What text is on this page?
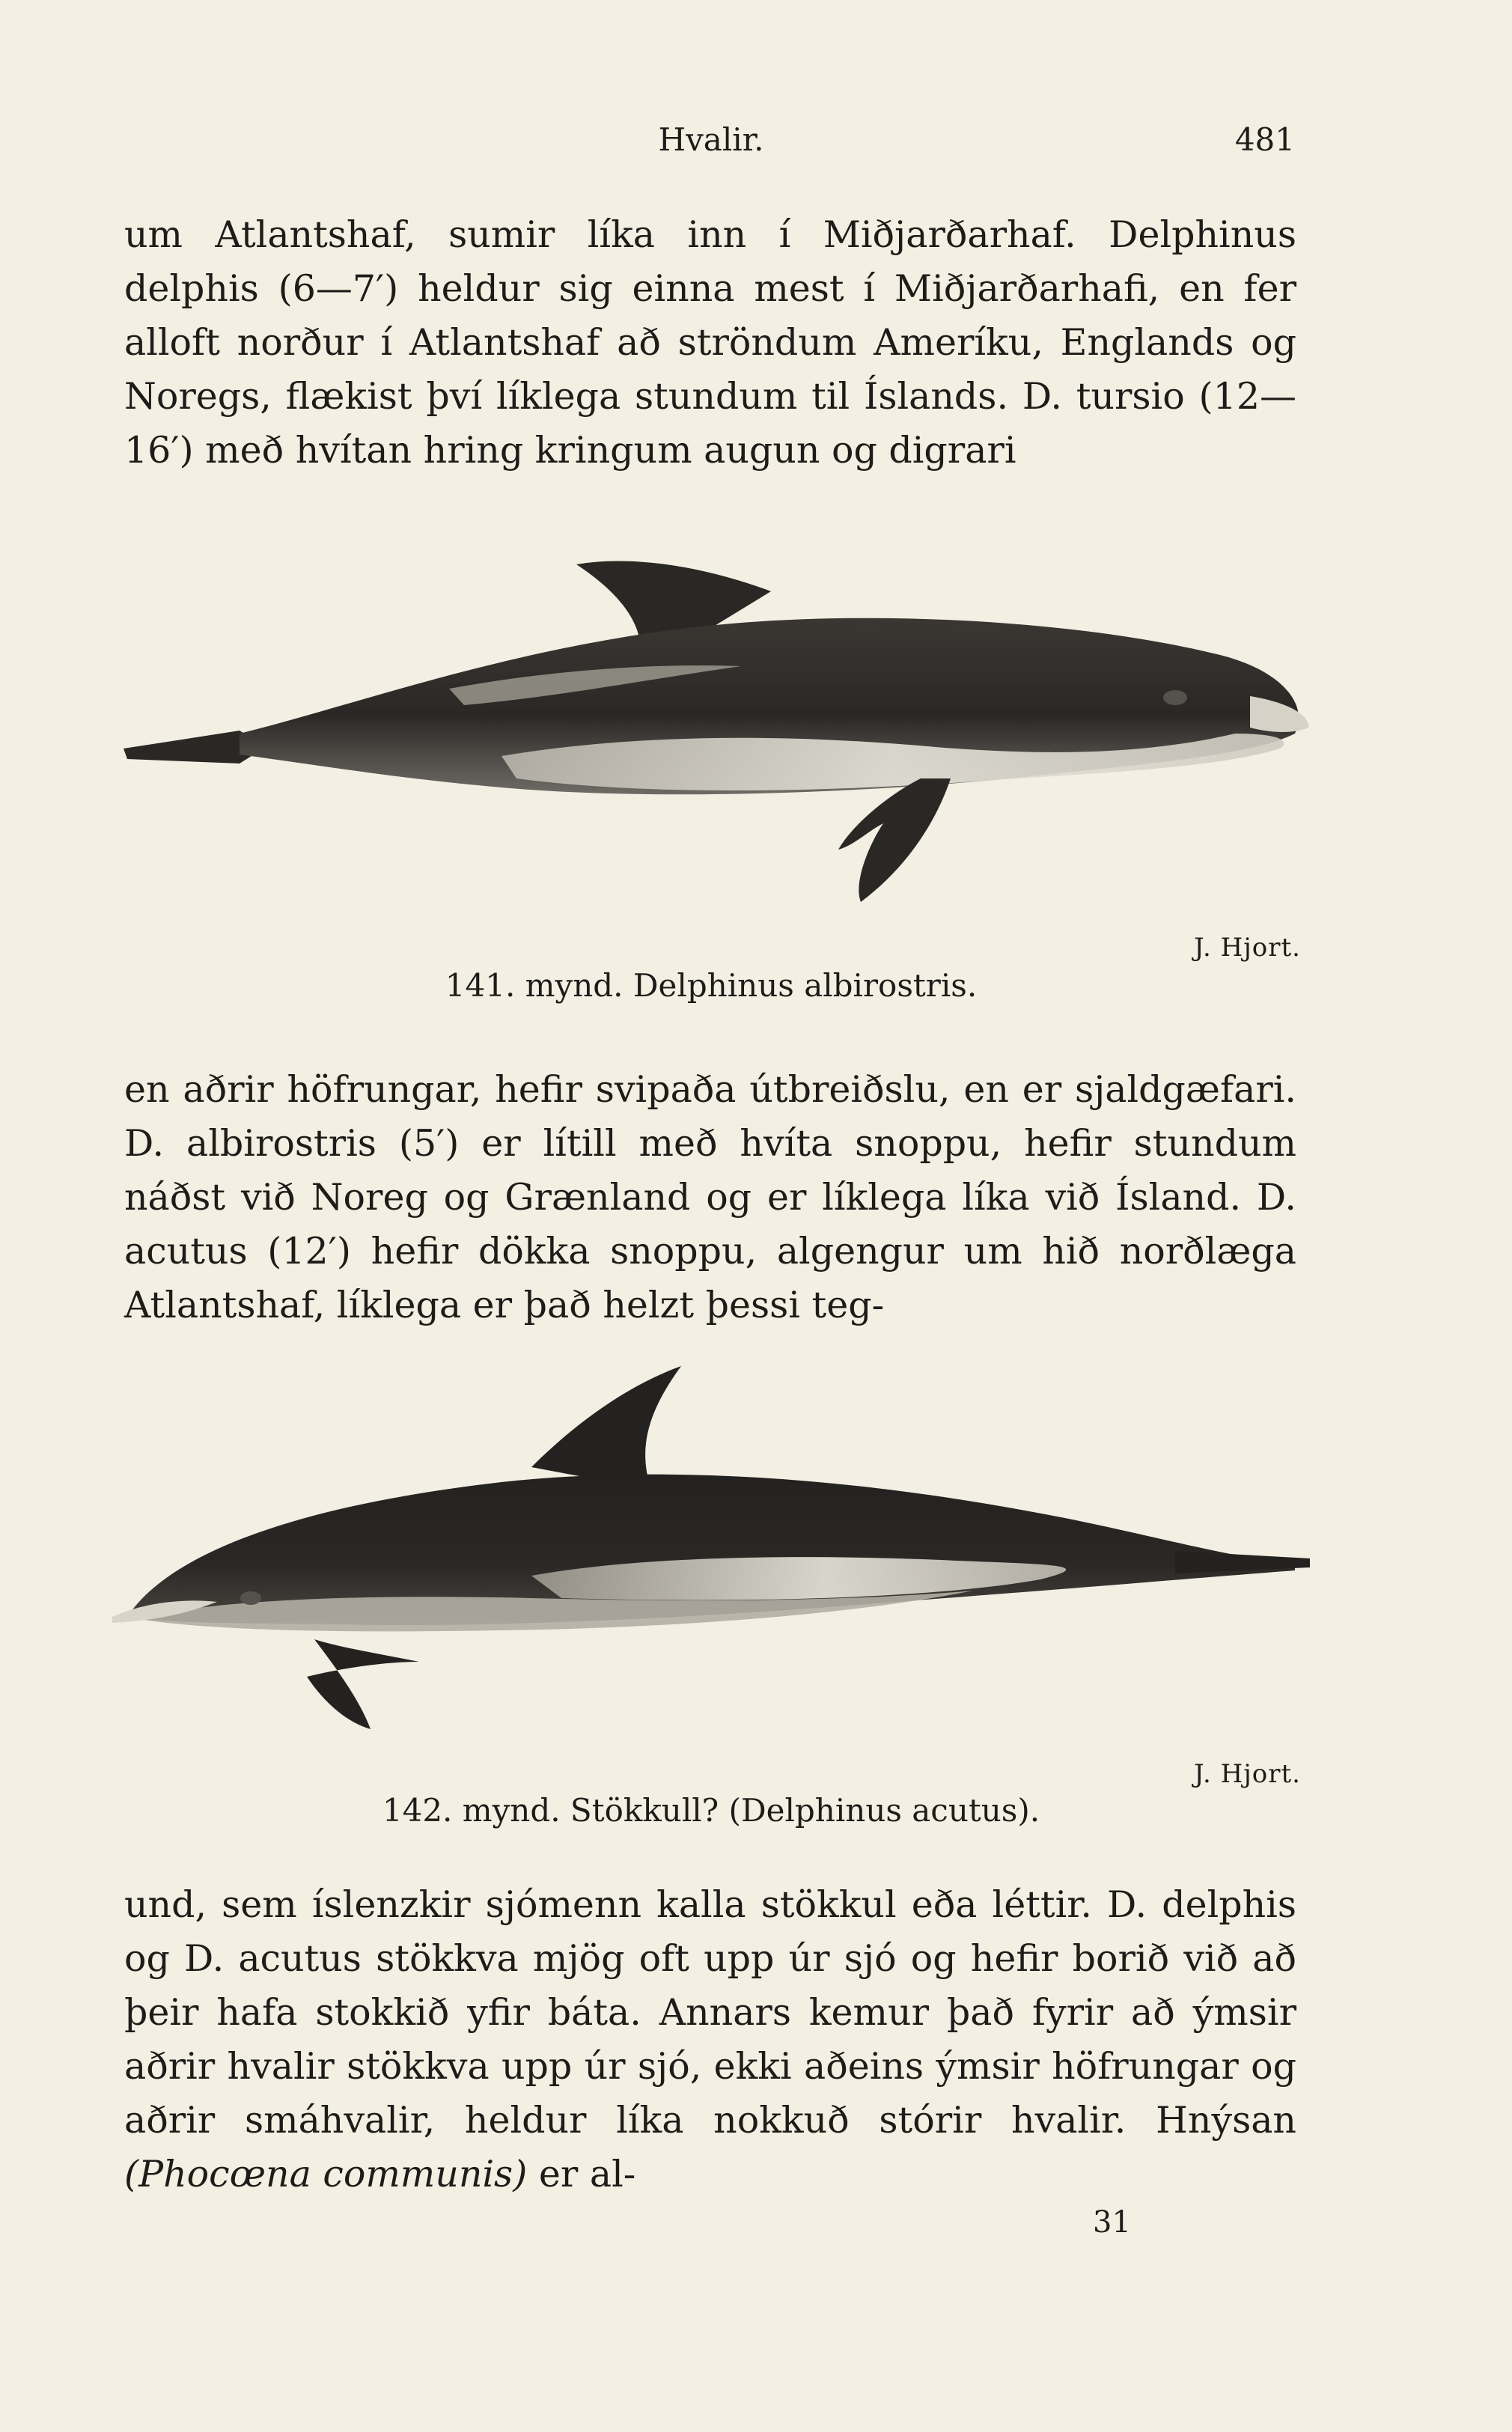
Hvalir.	481

um Atlantshaf, sumir líka inn í Miðjarðarhaf. Delphinus delphis (6—7′) heldur sig einna mest í Miðjarðarhafi, en fer alloft norður í Atlantshaf að ströndum Ameríku, Englands og Noregs, flækist því líklega stundum til Íslands. D. tursio (12—16′) með hvítan hring kringum augun og digrari

J. Hjort.
141. mynd. Delphinus albirostris.

en aðrir höfrungar, hefir svipaða útbreiðslu, en er sjaldgæfari. D. albirostris (5′) er lítill með hvíta snoppu, hefir stundum náðst við Noreg og Grænland og er líklega líka við Ísland. D. acutus (12′) hefir dökka snoppu, algengur um hið norðlæga Atlantshaf, líklega er það helzt þessi teg-

J. Hjort.
142. mynd. Stökkull? (Delphinus acutus).

und, sem íslenzkir sjómenn kalla stökkul eða léttir. D. delphis og D. acutus stökkva mjög oft upp úr sjó og hefir borið við að þeir hafa stokkið yfir báta. Annars kemur það fyrir að ýmsir aðrir hvalir stökkva upp úr sjó, ekki aðeins ýmsir höfrungar og aðrir smáhvalir, heldur líka nokkuð stórir hvalir. Hnýsan (Phocœna communis) er al-

31
